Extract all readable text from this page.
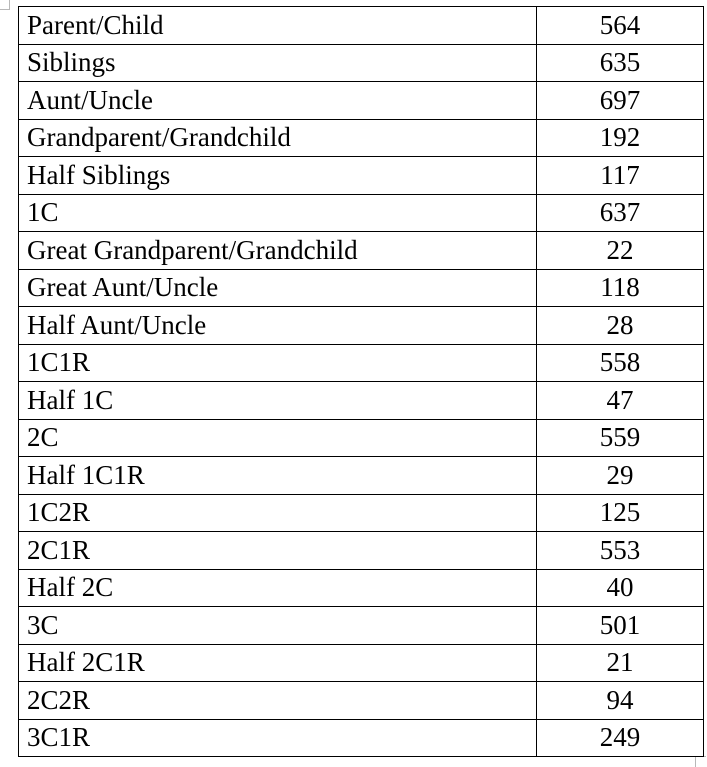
Parent/Child	564
Siblings	635
Aunt/Uncle	697
Grandparent/Grandchild	192
Half Siblings	117
1C	637
Great Grandparent/Grandchild	22
Great Aunt/Uncle	118
Half Aunt/Uncle	28
1C1R	558
Half 1C	47
2C	559
Half 1C1R	29
1C2R	125
2C1R	553
Half 2C	40
3C	501
Half 2C1R	21
2C2R	94
3C1R	249
